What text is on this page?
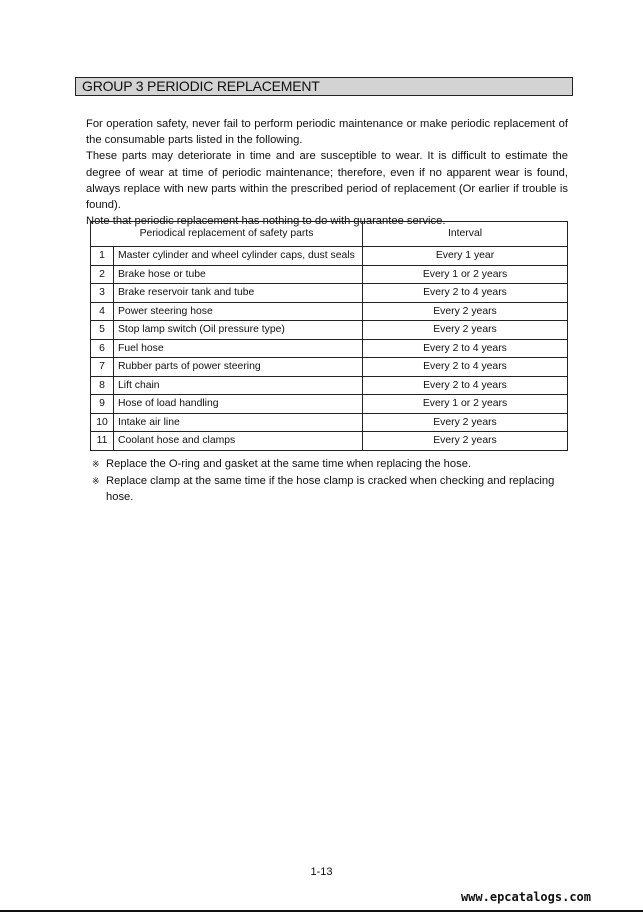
GROUP 3 PERIODIC REPLACEMENT

For operation safety, never fail to perform periodic maintenance or make periodic replacement of the consumable parts listed in the following.

These parts may deteriorate in time and are susceptible to wear. It is difficult to estimate the degree of wear at time of periodic maintenance; therefore, even if no apparent wear is found, always replace with new parts within the prescribed period of replacement (Or earlier if trouble is found).

Note that periodic replacement has nothing to do with guarantee service.

Periodical replacement of safety parts		Interval
1	Master cylinder and wheel cylinder caps, dust seals	Every 1 year
2	Brake hose or tube	Every 1 or 2 years
3	Brake reservoir tank and tube	Every 2 to 4 years
4	Power steering hose	Every 2 years
5	Stop lamp switch (Oil pressure type)	Every 2 years
6	Fuel hose	Every 2 to 4 years
7	Rubber parts of power steering	Every 2 to 4 years
8	Lift chain	Every 2 to 4 years
9	Hose of load handling	Every 1 or 2 years
10	Intake air line	Every 2 years
11	Coolant hose and clamps	Every 2 years
※ Replace the O-ring and gasket at the same time when replacing the hose.
※ Replace clamp at the same time if the hose clamp is cracked when checking and replacing hose.
1-13
www.epcatalogs.com
